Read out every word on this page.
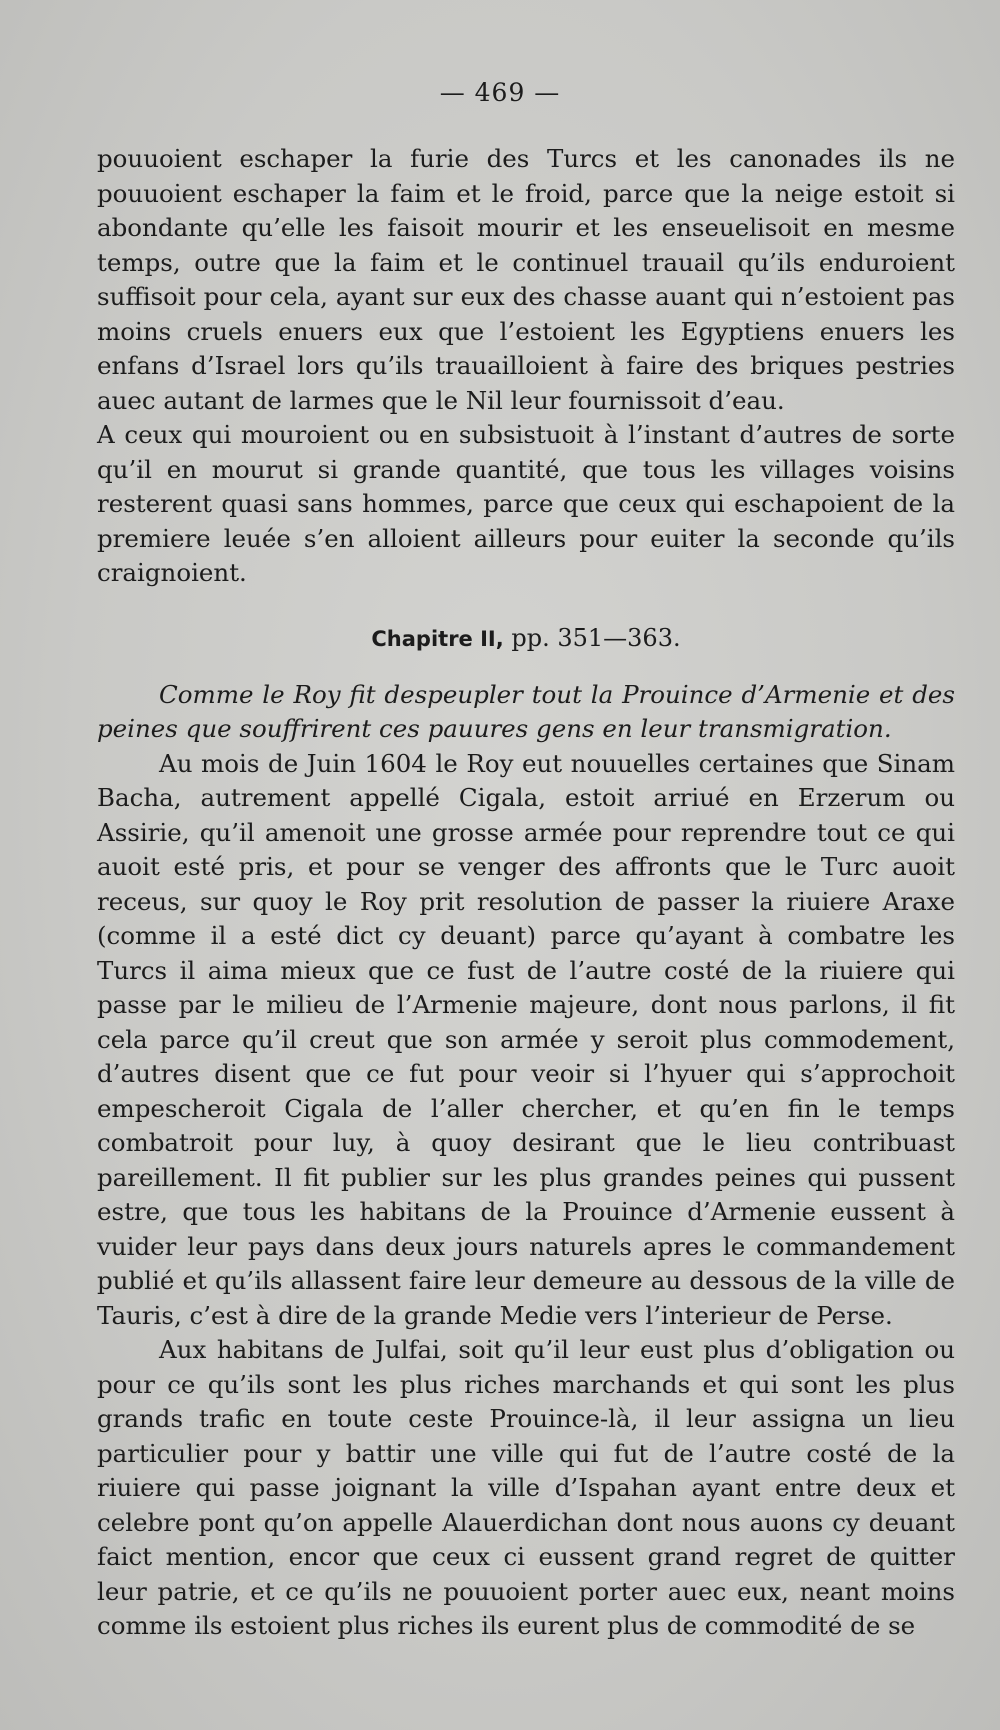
— 469 —

pouuoient eschaper la furie des Turcs et les canonades ils ne pouuoient eschaper la faim et le froid, parce que la neige estoit si abondante qu’elle les faisoit mourir et les enseuelisoit en mesme temps, outre que la faim et le continuel trauail qu’ils enduroient suffisoit pour cela, ayant sur eux des chasse auant qui n’estoient pas moins cruels enuers eux que l’estoient les Egyptiens enuers les enfans d’Israel lors qu’ils trauailloient à faire des briques pestries auec autant de larmes que le Nil leur fournissoit d’eau.

A ceux qui mouroient ou en subsistuoit à l’instant d’autres de sorte qu’il en mourut si grande quantité, que tous les villages voisins resterent quasi sans hommes, parce que ceux qui eschapoient de la premiere leuée s’en alloient ailleurs pour euiter la seconde qu’ils craignoient.

Chapitre II, pp. 351—363.

Comme le Roy fit despeupler tout la Prouince d’Armenie et des peines que souffrirent ces pauures gens en leur transmigration.

Au mois de Juin 1604 le Roy eut nouuelles certaines que Sinam Bacha, autrement appellé Cigala, estoit arriué en Erzerum ou Assirie, qu’il amenoit une grosse armée pour reprendre tout ce qui auoit esté pris, et pour se venger des affronts que le Turc auoit receus, sur quoy le Roy prit resolution de passer la riuiere Araxe (comme il a esté dict cy deuant) parce qu’ayant à combatre les Turcs il aima mieux que ce fust de l’autre costé de la riuiere qui passe par le milieu de l’Armenie majeure, dont nous parlons, il fit cela parce qu’il creut que son armée y seroit plus commodement, d’autres disent que ce fut pour veoir si l’hyuer qui s’approchoit empescheroit Cigala de l’aller chercher, et qu’en fin le temps combatroit pour luy, à quoy desirant que le lieu contribuast pareillement. Il fit publier sur les plus grandes peines qui pussent estre, que tous les habitans de la Prouince d’Armenie eussent à vuider leur pays dans deux jours naturels apres le commandement publié et qu’ils allassent faire leur demeure au dessous de la ville de Tauris, c’est à dire de la grande Medie vers l’interieur de Perse.

Aux habitans de Julfai, soit qu’il leur eust plus d’obligation ou pour ce qu’ils sont les plus riches marchands et qui sont les plus grands trafic en toute ceste Prouince-là, il leur assigna un lieu particulier pour y battir une ville qui fut de l’autre costé de la riuiere qui passe joignant la ville d’Ispahan ayant entre deux et celebre pont qu’on appelle Alauerdichan dont nous auons cy deuant faict mention, encor que ceux ci eussent grand regret de quitter leur patrie, et ce qu’ils ne pouuoient porter auec eux, neant moins comme ils estoient plus riches ils eurent plus de commodité de se
